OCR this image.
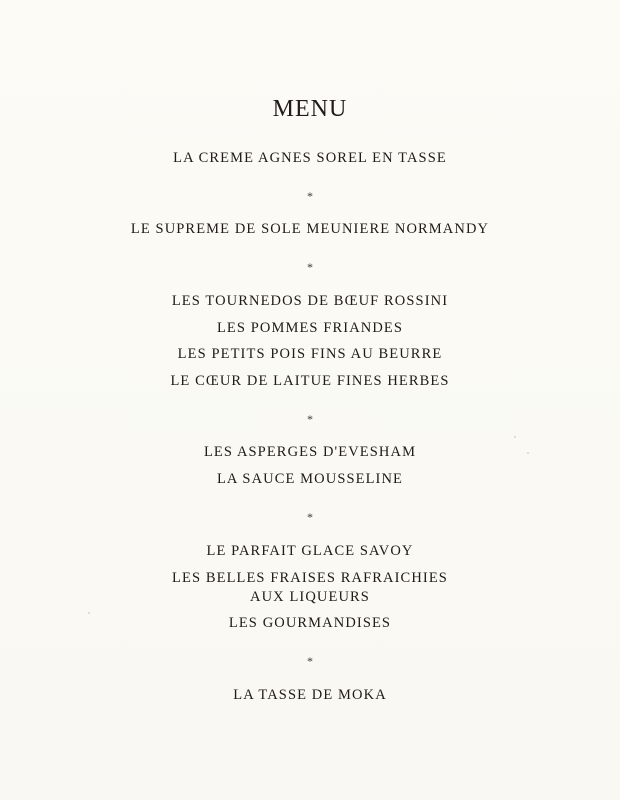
MENU
LA CREME AGNES SOREL EN TASSE
*
LE SUPREME DE SOLE MEUNIERE NORMANDY
*
LES TOURNEDOS DE BŒUF ROSSINI
LES POMMES FRIANDES
LES PETITS POIS FINS AU BEURRE
LE CŒUR DE LAITUE FINES HERBES
*
LES ASPERGES D'EVESHAM
LA SAUCE MOUSSELINE
*
LE PARFAIT GLACE SAVOY
LES BELLES FRAISES RAFRAICHIES
AUX LIQUEURS
LES GOURMANDISES
*
LA TASSE DE MOKA
